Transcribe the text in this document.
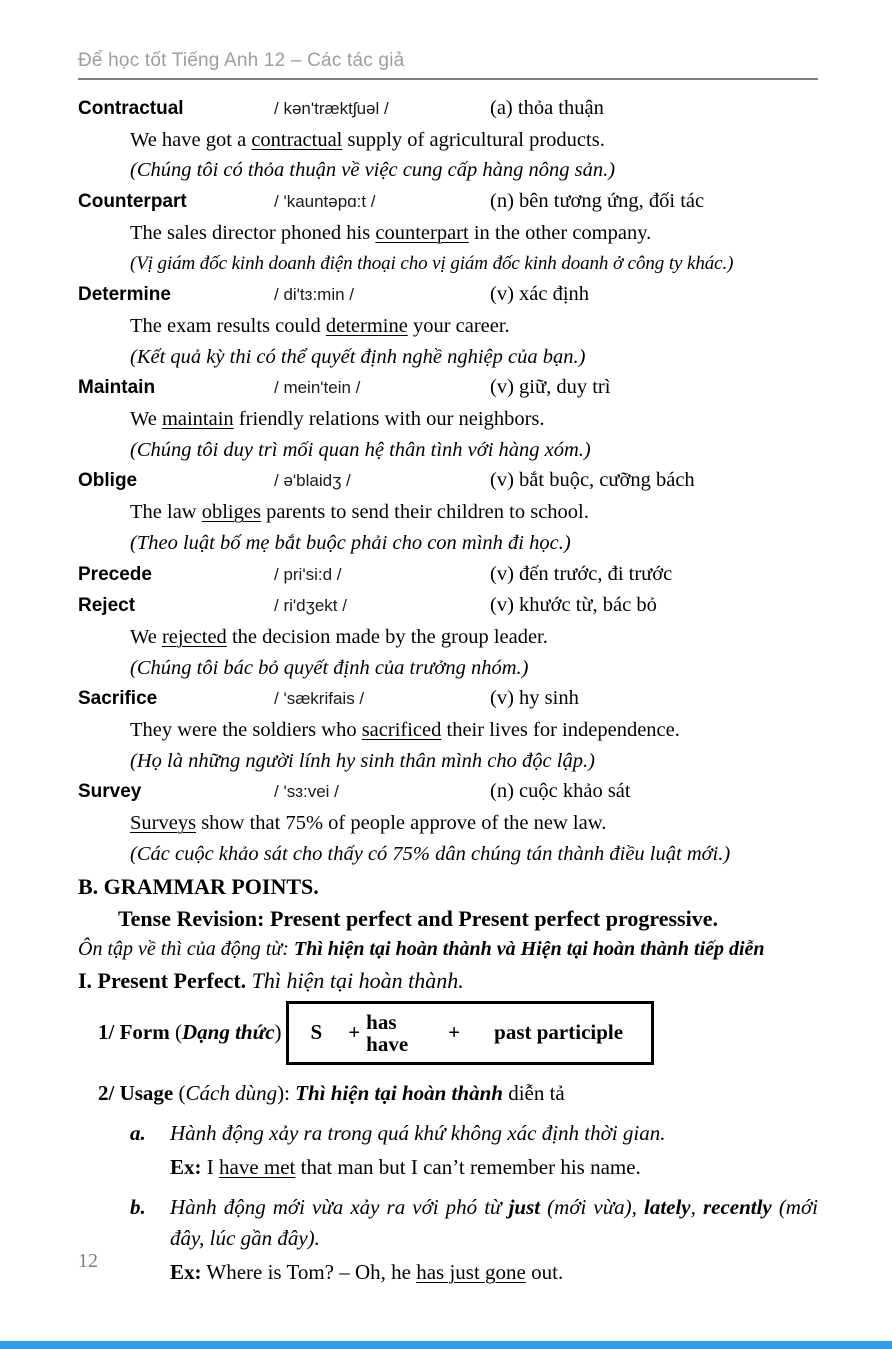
Để học tốt Tiếng Anh 12 – Các tác giả
Contractual	/ kən'træktʃuəl /	(a) thỏa thuận
We have got a contractual supply of agricultural products.
(Chúng tôi có thỏa thuận về việc cung cấp hàng nông sản.)
Counterpart	/ 'kauntəpɑ:t /	(n) bên tương ứng, đối tác
The sales director phoned his counterpart in the other company.
(Vị giám đốc kinh doanh điện thoại cho vị giám đốc kinh doanh ở công ty khác.)
Determine	/ di'tɜ:min /	(v) xác định
The exam results could determine your career.
(Kết quả kỳ thi có thể quyết định nghề nghiệp của bạn.)
Maintain	/ mein'tein /	(v) giữ, duy trì
We maintain friendly relations with our neighbors.
(Chúng tôi duy trì mối quan hệ thân tình với hàng xóm.)
Oblige	/ ə'blaidʒ /	(v) bắt buộc, cưỡng bách
The law obliges parents to send their children to school.
(Theo luật bố mẹ bắt buộc phải cho con mình đi học.)
Precede	/ pri'si:d /	(v) đến trước, đi trước
Reject	/ ri'dʒekt /	(v) khước từ, bác bỏ
We rejected the decision made by the group leader.
(Chúng tôi bác bỏ quyết định của trưởng nhóm.)
Sacrifice	/ 'sækrifais /	(v) hy sinh
They were the soldiers who sacrificed their lives for independence.
(Họ là những người lính hy sinh thân mình cho độc lập.)
Survey	/ 'sɜ:vei /	(n) cuộc khảo sát
Surveys show that 75% of people approve of the new law.
(Các cuộc khảo sát cho thấy có 75% dân chúng tán thành điều luật mới.)
B. GRAMMAR POINTS.
Tense Revision: Present perfect and Present perfect progressive.
Ôn tập về thì của động từ: Thì hiện tại hoàn thành và Hiện tại hoàn thành tiếp diễn
I. Present Perfect. Thì hiện tại hoàn thành.
1/ Form (Dạng thức) S + has
have + past participle
2/ Usage (Cách dùng): Thì hiện tại hoàn thành diễn tả
a.	Hành động xảy ra trong quá khứ không xác định thời gian.
Ex: I have met that man but I can’t remember his name.
b.	Hành động mới vừa xảy ra với phó từ just (mới vừa), lately, recently (mới đây, lúc gần đây).
Ex: Where is Tom? – Oh, he has just gone out.
12
